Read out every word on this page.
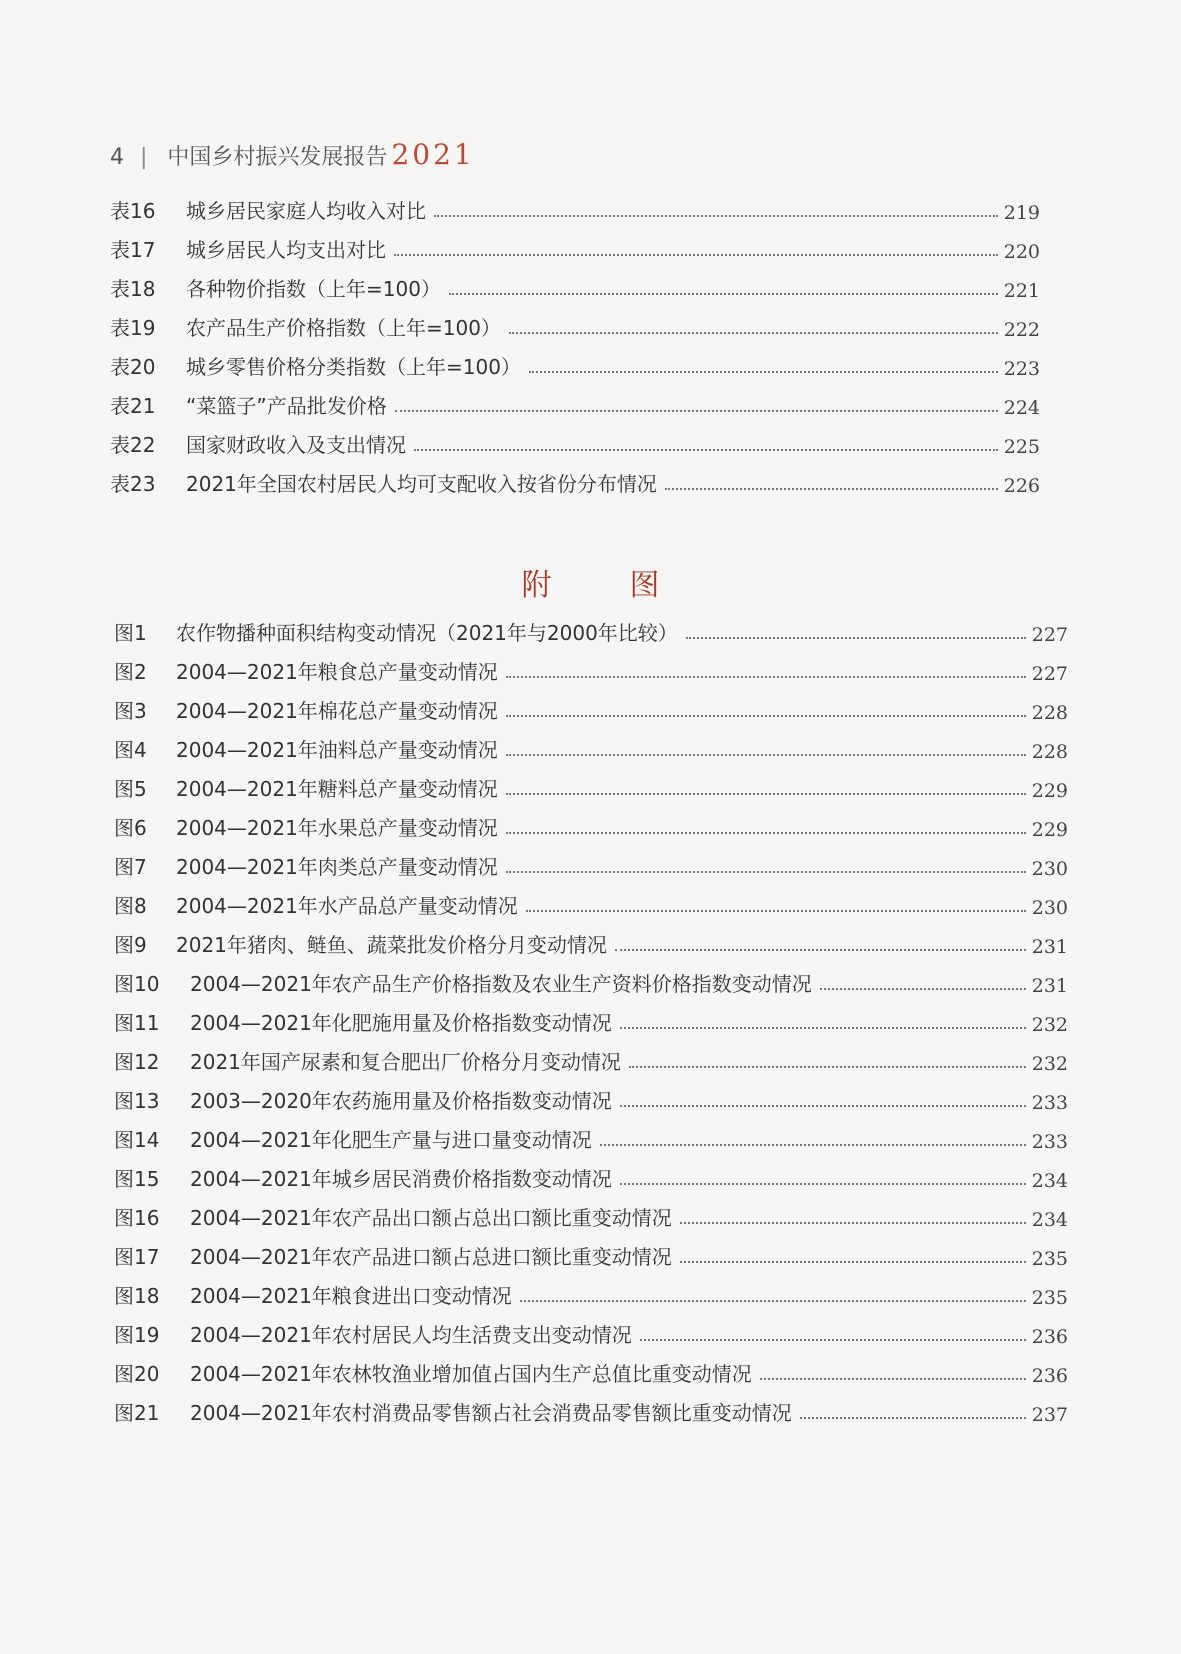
4 | 中国乡村振兴发展报告 2021
表16	城乡居民家庭人均收入对比	219
表17	城乡居民人均支出对比	220
表18	各种物价指数（上年=100）	221
表19	农产品生产价格指数（上年=100）	222
表20	城乡零售价格分类指数（上年=100）	223
表21	“菜篮子”产品批发价格	224
表22	国家财政收入及支出情况	225
表23	2021年全国农村居民人均可支配收入按省份分布情况	226
附图
图1	农作物播种面积结构变动情况（2021年与2000年比较）	227
图2	2004—2021年粮食总产量变动情况	227
图3	2004—2021年棉花总产量变动情况	228
图4	2004—2021年油料总产量变动情况	228
图5	2004—2021年糖料总产量变动情况	229
图6	2004—2021年水果总产量变动情况	229
图7	2004—2021年肉类总产量变动情况	230
图8	2004—2021年水产品总产量变动情况	230
图9	2021年猪肉、鲢鱼、蔬菜批发价格分月变动情况	231
图10	2004—2021年农产品生产价格指数及农业生产资料价格指数变动情况	231
图11	2004—2021年化肥施用量及价格指数变动情况	232
图12	2021年国产尿素和复合肥出厂价格分月变动情况	232
图13	2003—2020年农药施用量及价格指数变动情况	233
图14	2004—2021年化肥生产量与进口量变动情况	233
图15	2004—2021年城乡居民消费价格指数变动情况	234
图16	2004—2021年农产品出口额占总出口额比重变动情况	234
图17	2004—2021年农产品进口额占总进口额比重变动情况	235
图18	2004—2021年粮食进出口变动情况	235
图19	2004—2021年农村居民人均生活费支出变动情况	236
图20	2004—2021年农林牧渔业增加值占国内生产总值比重变动情况	236
图21	2004—2021年农村消费品零售额占社会消费品零售额比重变动情况	237
